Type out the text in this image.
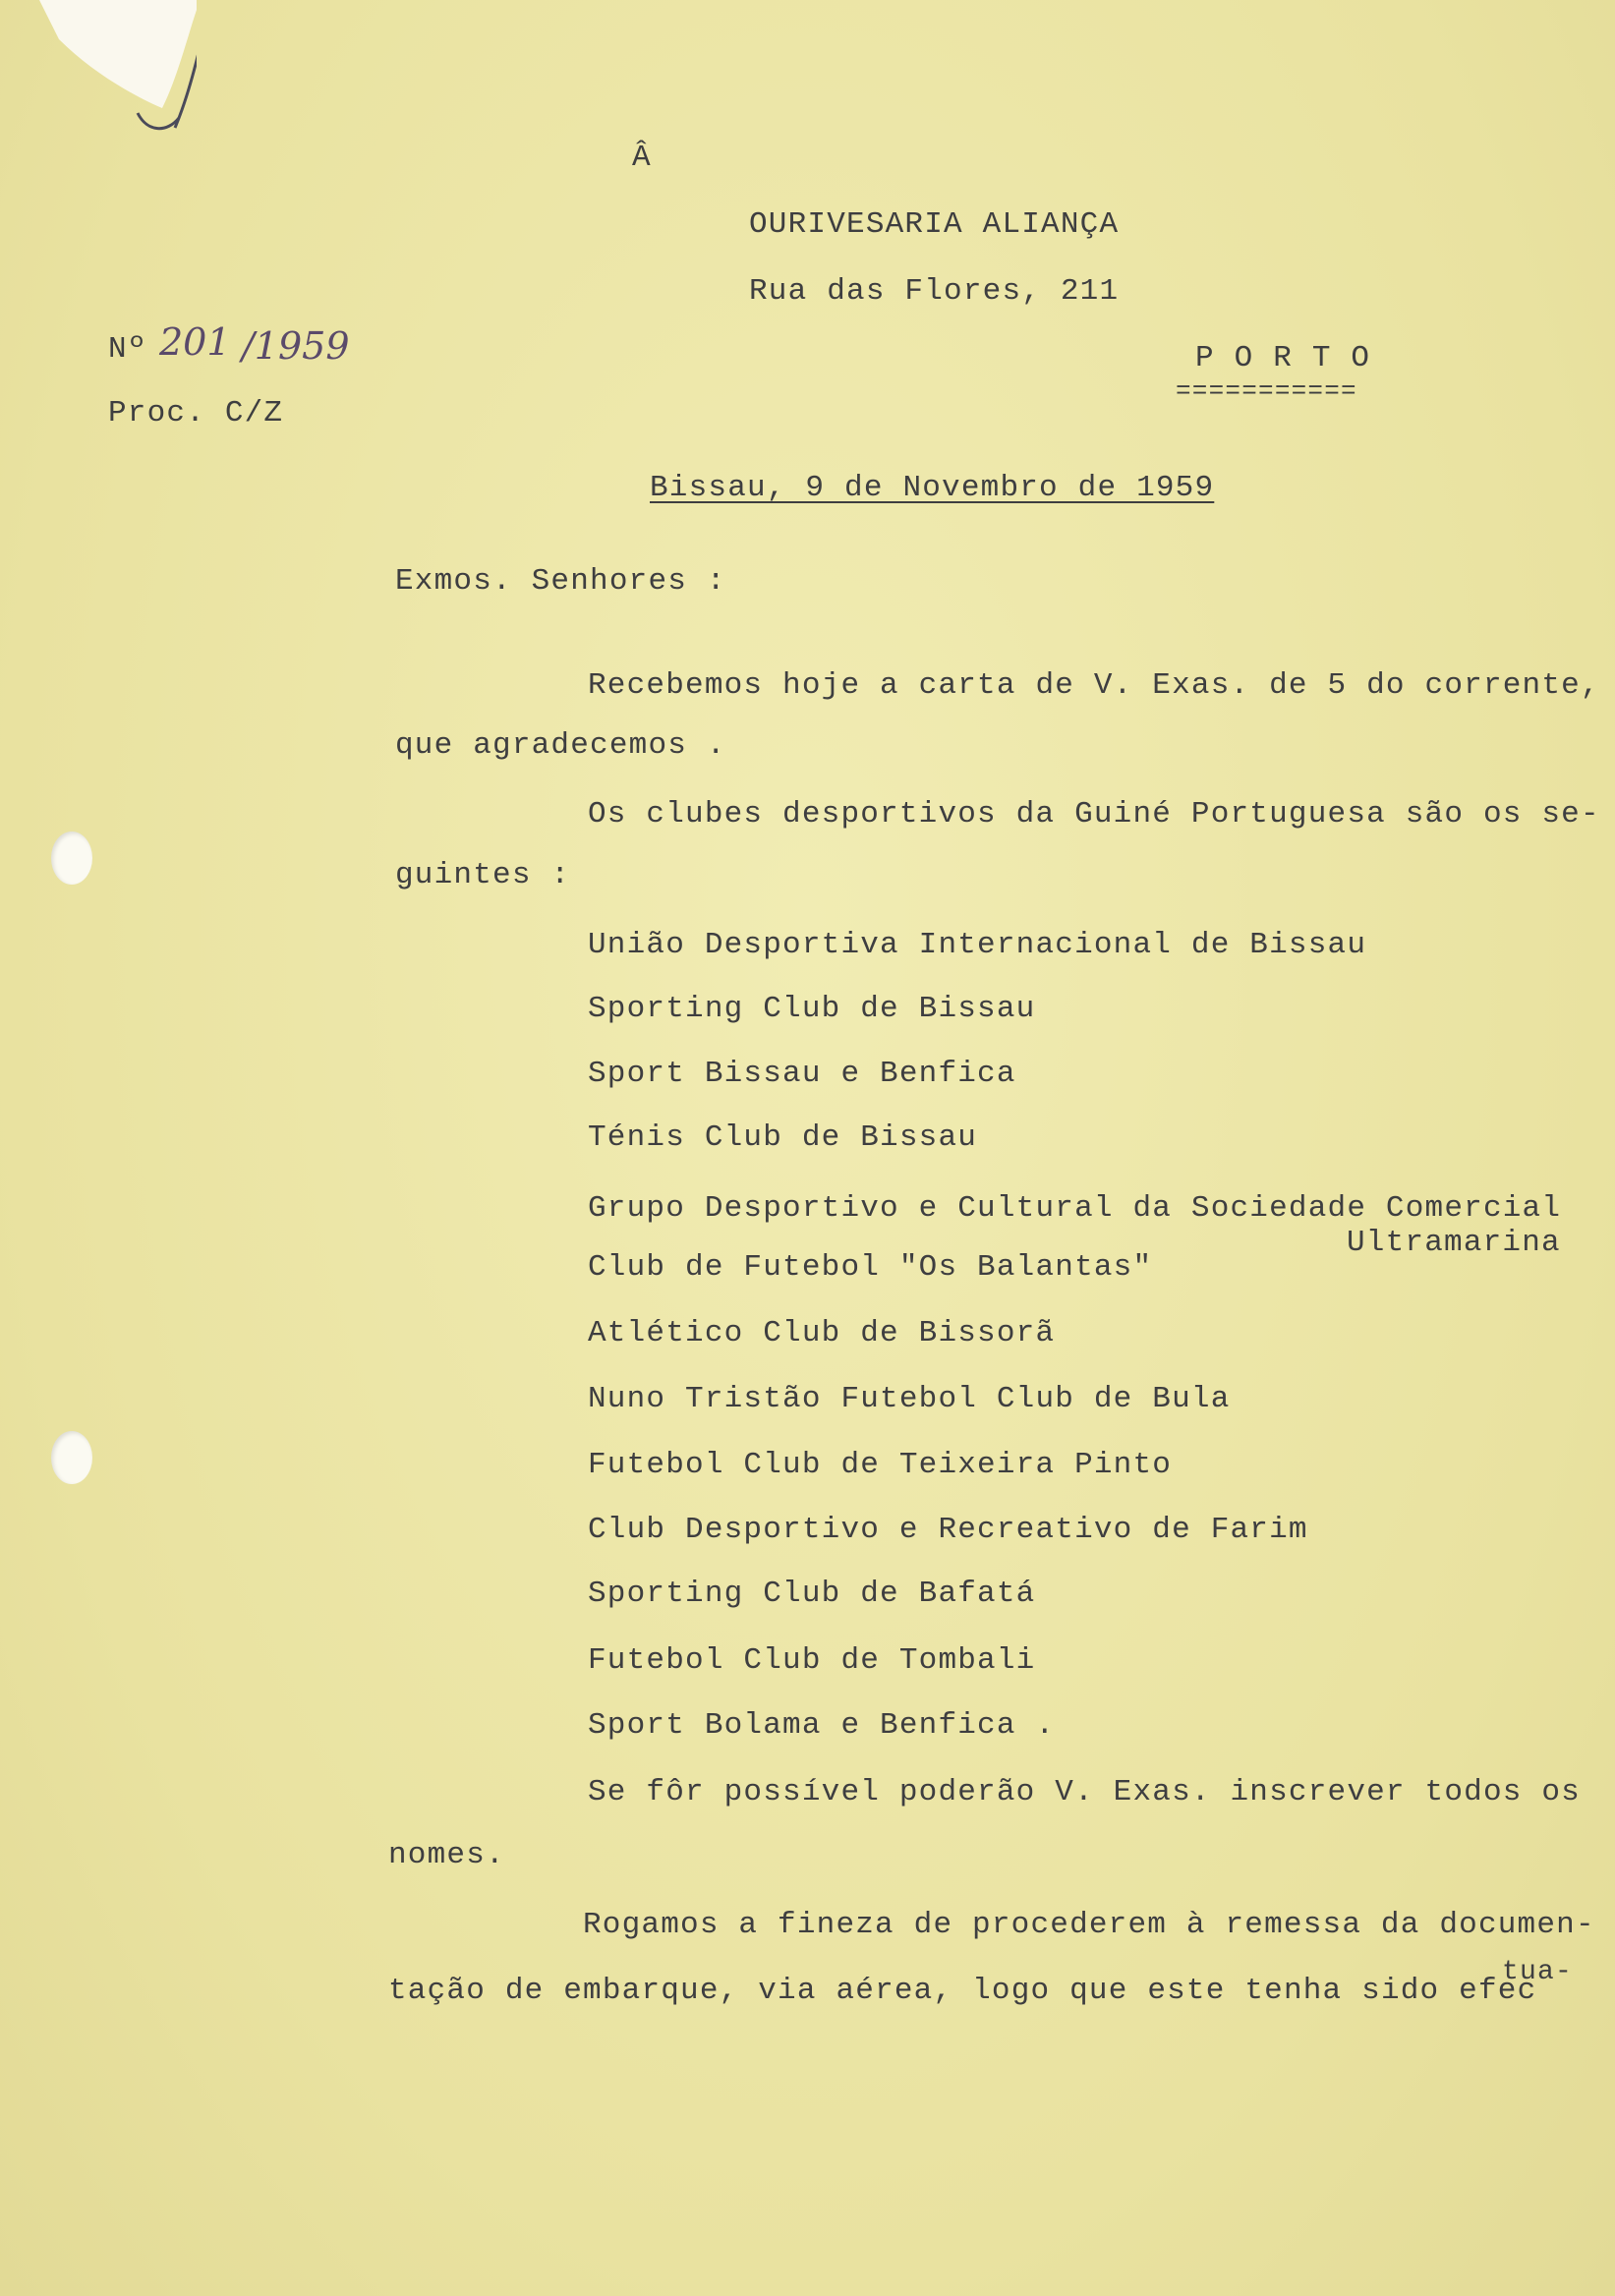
Â
OURIVESARIA ALIANÇA
Rua das Flores, 211
Nº 201 /1959	P O R T O
===========
Proc. C/Z
Bissau, 9 de Novembro de 1959
Exmos. Senhores :
Recebemos hoje a carta de V. Exas. de 5 do corrente,
que agradecemos .
Os clubes desportivos da Guiné Portuguesa são os se-
guintes :
União Desportiva Internacional de Bissau
Sporting Club de Bissau
Sport Bissau e Benfica
Ténis Club de Bissau
Grupo Desportivo e Cultural da Sociedade Comercial
Ultramarina
Club de Futebol "Os Balantas"
Atlético Club de Bissorã
Nuno Tristão Futebol Club de Bula
Futebol Club de Teixeira Pinto
Club Desportivo e Recreativo de Farim
Sporting Club de Bafatá
Futebol Club de Tombali
Sport Bolama e Benfica .
Se fôr possível poderão V. Exas. inscrever todos os
nomes.
Rogamos a fineza de procederem à remessa da documen-
tação de embarque, via aérea, logo que este tenha sido efec
tua-
